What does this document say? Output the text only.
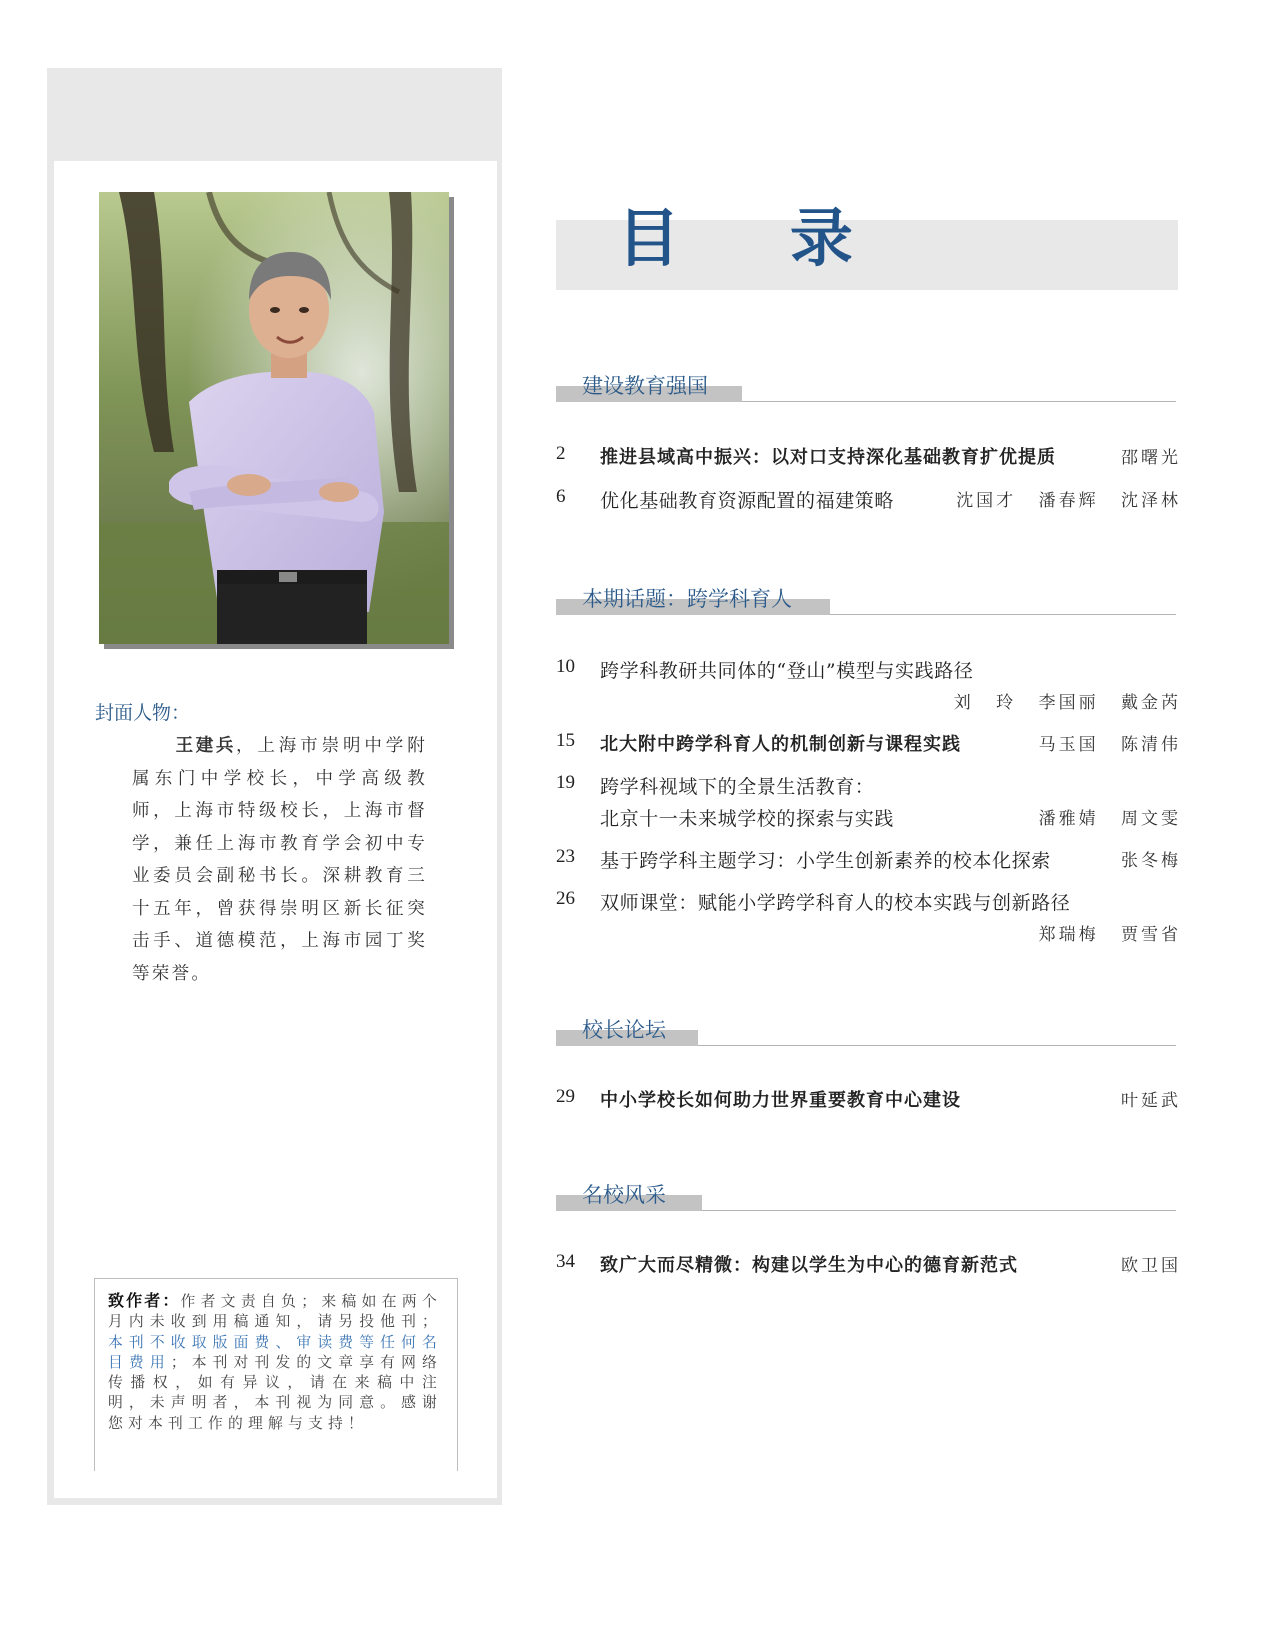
封面人物：
王建兵，上海市崇明中学附属东门中学校长，中学高级教师，上海市特级校长，上海市督学，兼任上海市教育学会初中专业委员会副秘书长。深耕教育三十五年，曾获得崇明区新长征突击手、道德模范，上海市园丁奖等荣誉。
致作者：作者文责自负；来稿如在两个月内未收到用稿通知，请另投他刊；本刊不收取版面费、审读费等任何名目费用；本刊对刊发的文章享有网络传播权，如有异议，请在来稿中注明，未声明者，本刊视为同意。感谢您对本刊工作的理解与支持！
目 录
建设教育强国
2 推进县域高中振兴：以对口支持深化基础教育扩优提质	邵曙光
6 优化基础教育资源配置的福建策略	沈国才 潘春辉 沈泽林
本期话题：跨学科育人
10 跨学科教研共同体的“登山”模型与实践路径
刘 玲 李国丽 戴金芮
15 北大附中跨学科育人的机制创新与课程实践	马玉国 陈清伟
19 跨学科视域下的全景生活教育：
北京十一未来城学校的探索与实践	潘雅婧 周文雯
23 基于跨学科主题学习：小学生创新素养的校本化探索	张冬梅
26 双师课堂：赋能小学跨学科育人的校本实践与创新路径
郑瑞梅 贾雪省
校长论坛
29 中小学校长如何助力世界重要教育中心建设	叶延武
名校风采
34 致广大而尽精微：构建以学生为中心的德育新范式	欧卫国
